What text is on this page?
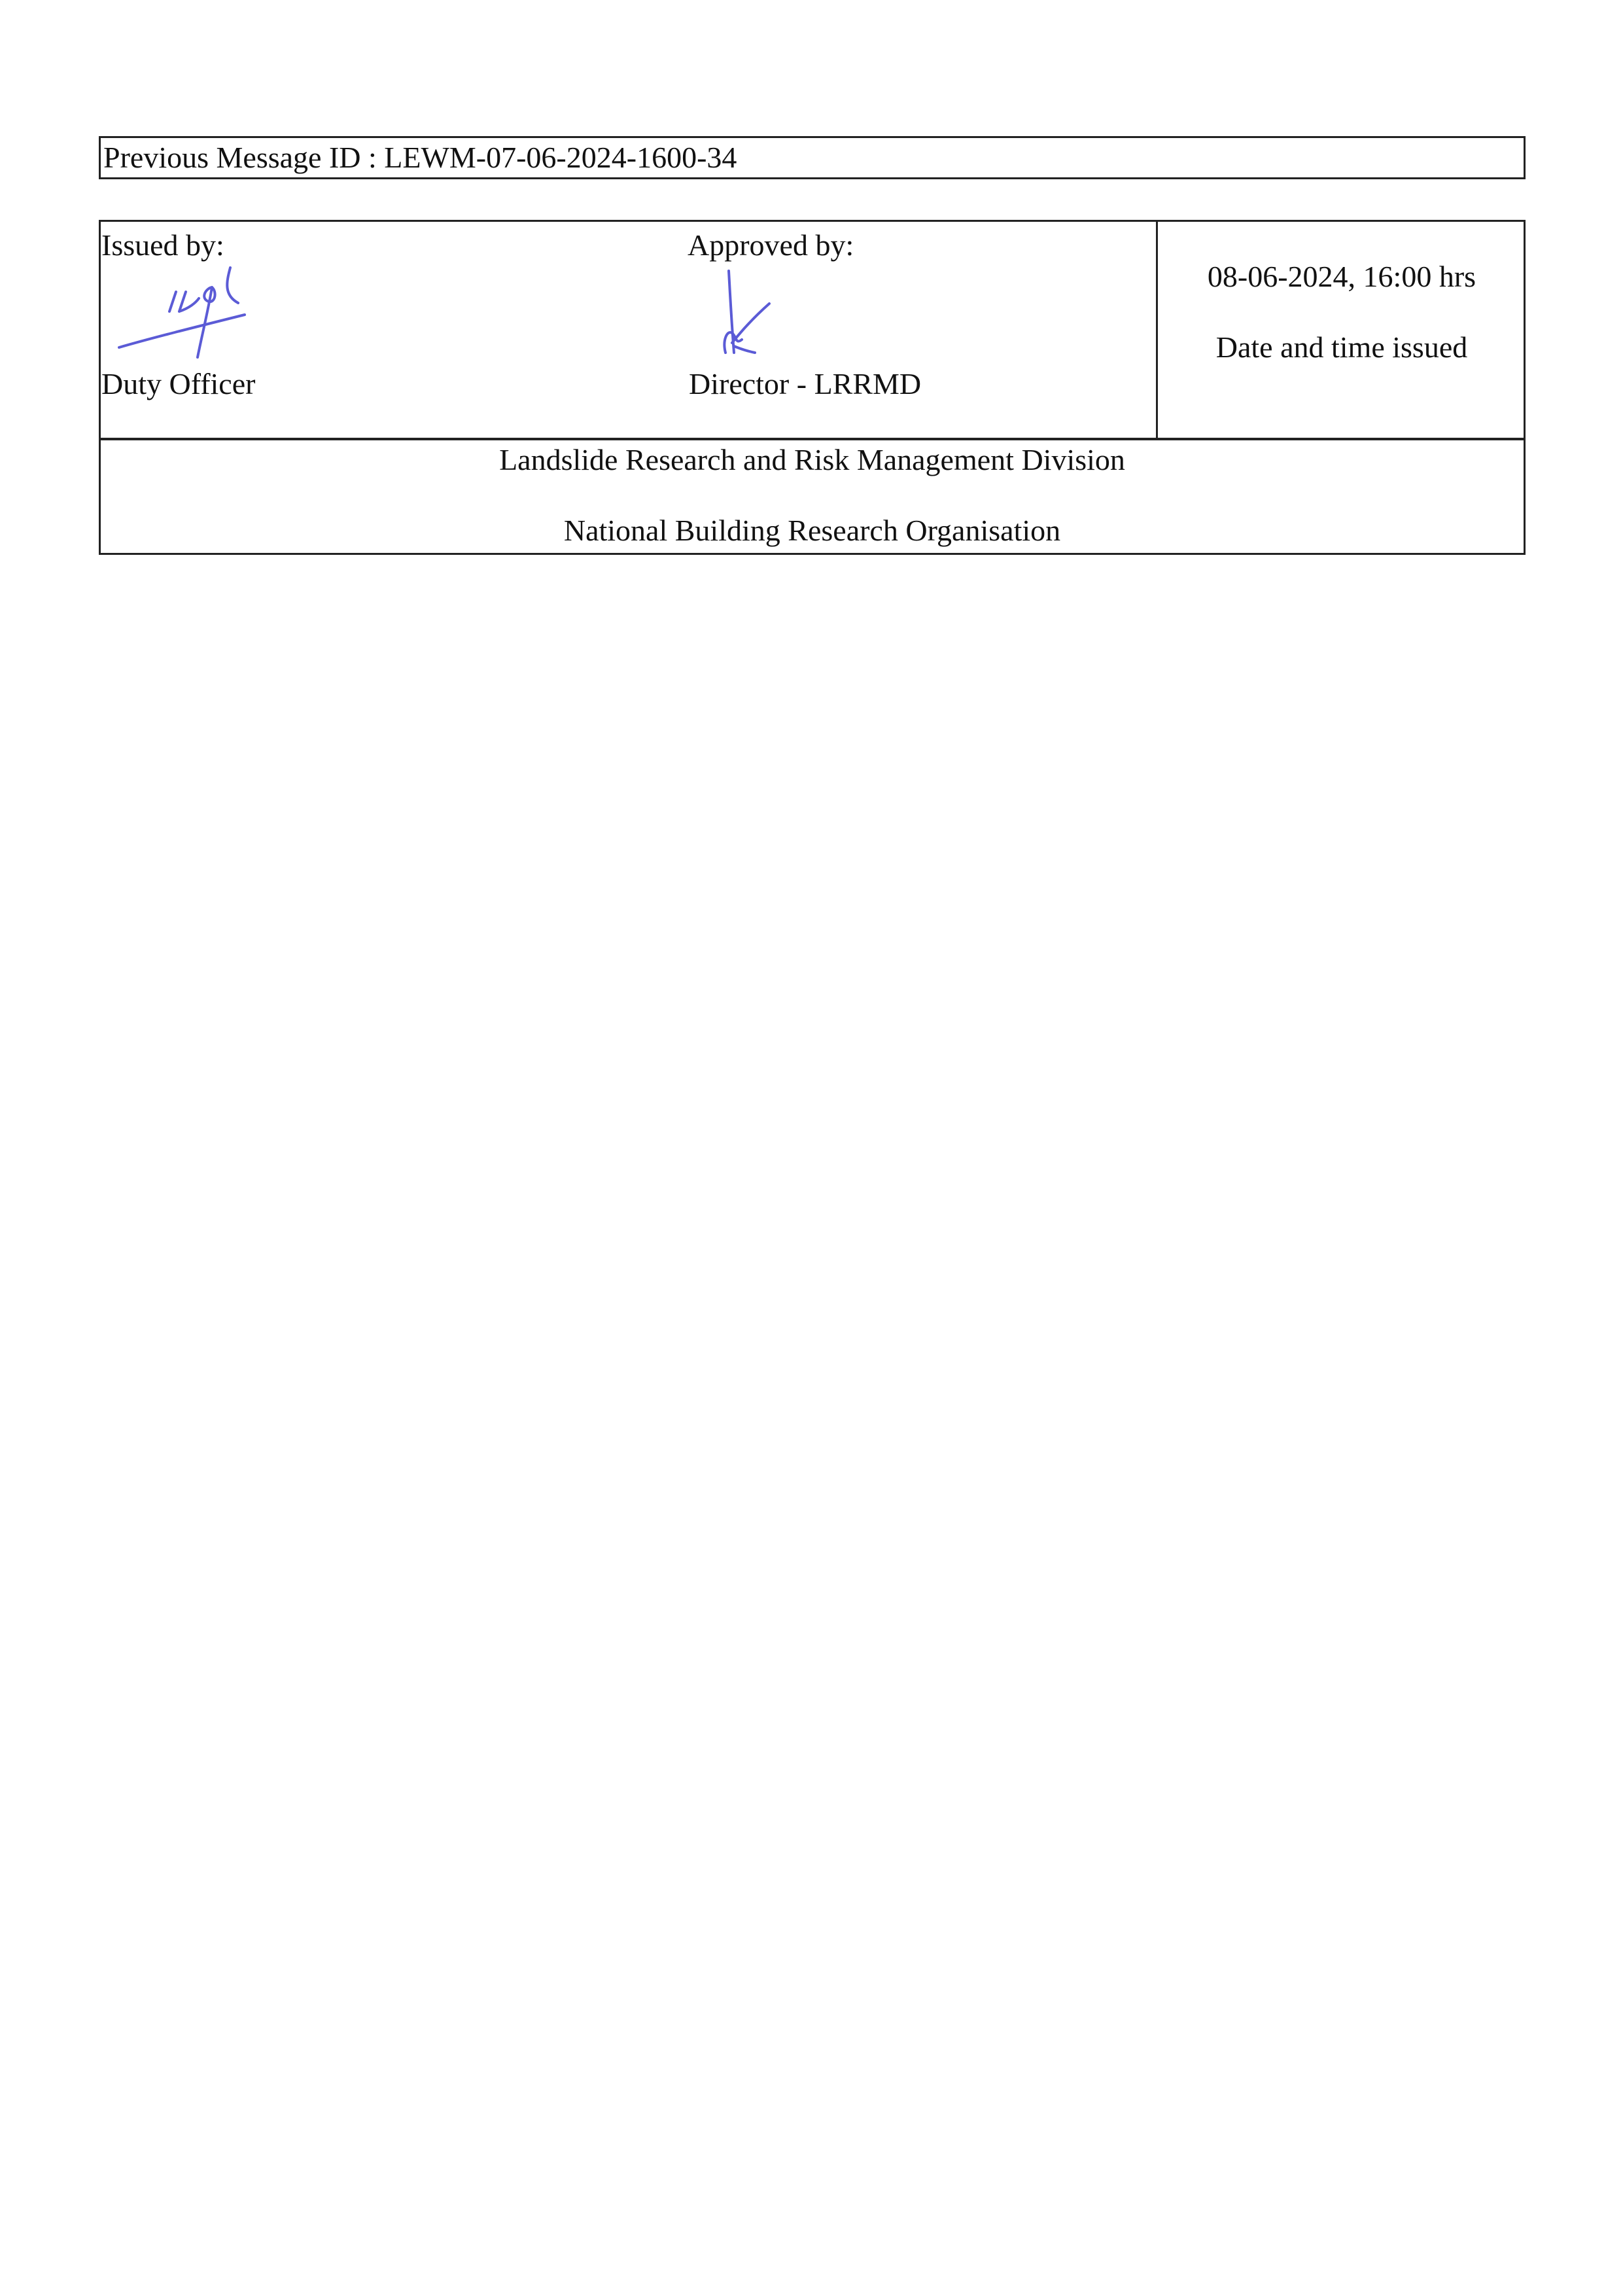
Previous Message ID : LEWM-07-06-2024-1600-34
Issued by:
Duty Officer
Approved by:
Director - LRRMD
08-06-2024, 16:00 hrs
Date and time issued
Landslide Research and Risk Management Division
National Building Research Organisation
